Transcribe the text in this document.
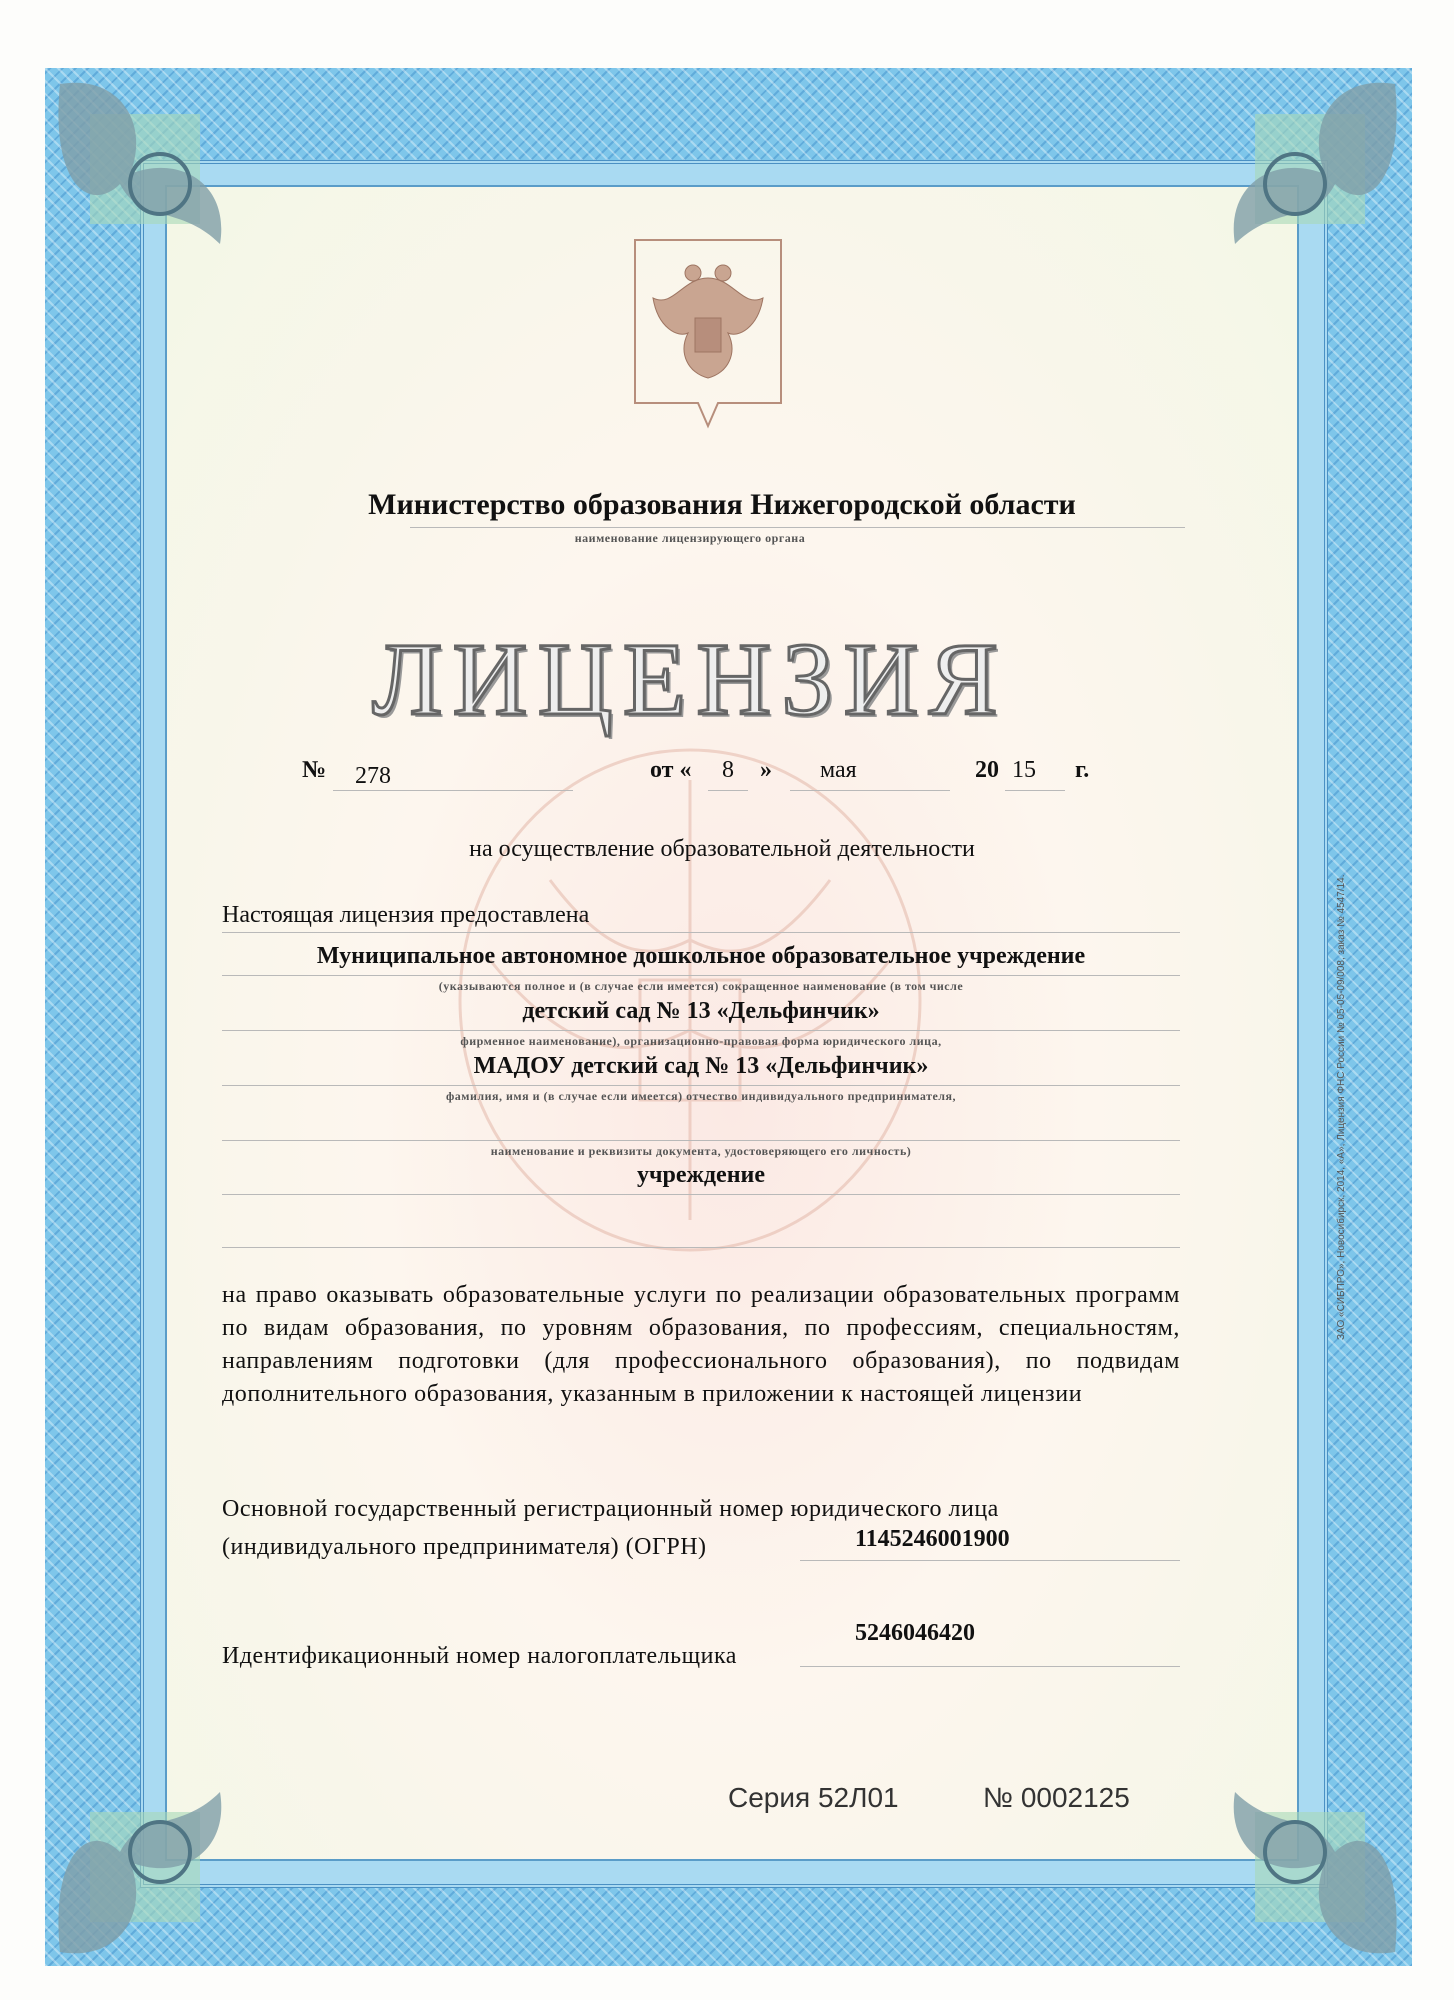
Министерство образования Нижегородской области
наименование лицензирующего органа
ЛИЦЕНЗИЯ
№ 278	от « 8 » мая	20 15 г.
на осуществление образовательной деятельности
Настоящая лицензия предоставлена
Муниципальное автономное дошкольное образовательное учреждение
(указываются полное и (в случае если имеется) сокращенное наименование (в том числе
детский сад № 13 «Дельфинчик»
фирменное наименование), организационно-правовая форма юридического лица,
МАДОУ детский сад № 13 «Дельфинчик»
фамилия, имя и (в случае если имеется) отчество индивидуального предпринимателя,
наименование и реквизиты документа, удостоверяющего его личность)
учреждение
на право оказывать образовательные услуги по реализации образовательных программ по видам образования, по уровням образования, по профессиям, специальностям, направлениям подготовки (для профессионального образования), по подвидам дополнительного образования, указанным в приложении к настоящей лицензии
Основной государственный регистрационный номер юридического лица
(индивидуального предпринимателя) (ОГРН)	1145246001900
Идентификационный номер налогоплательщика
5246046420
Серия 52Л01	№ 0002125
ЗАО «СИБПРО», Новосибирск, 2014, «А», Лицензия ФНС России № 05-05-09/008, заказ № 4547/14.
